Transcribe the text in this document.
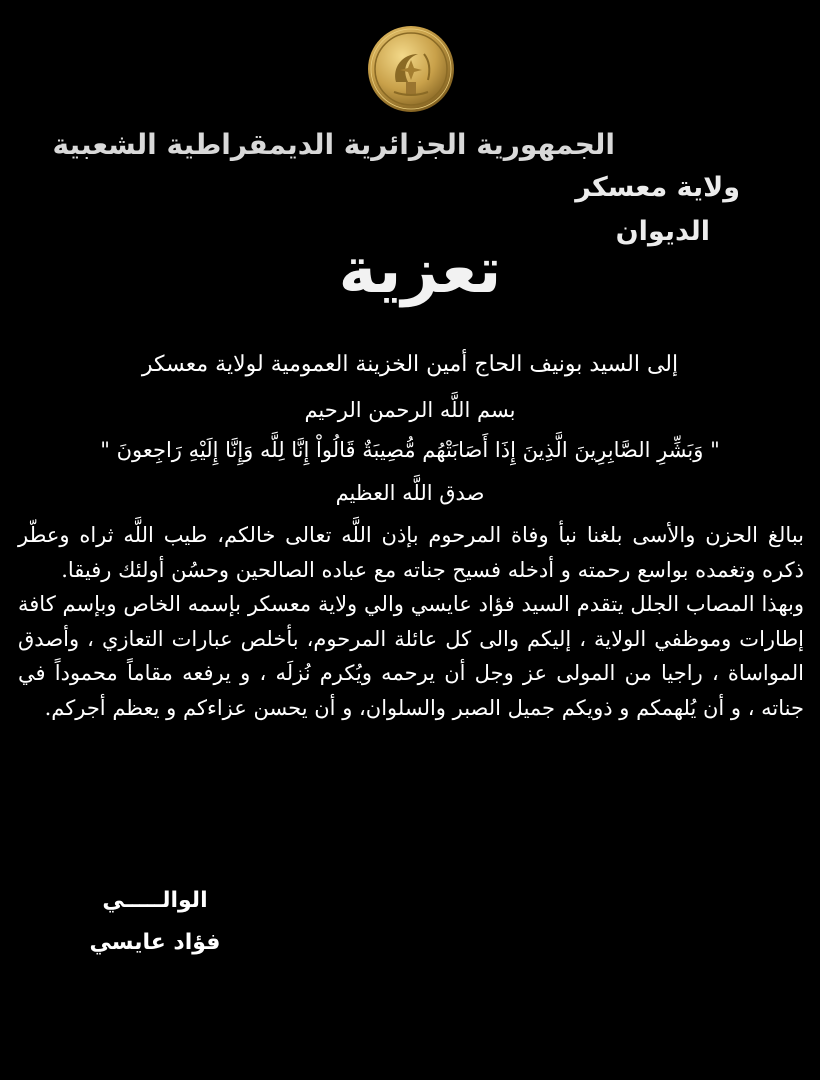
الجمهورية الجزائرية الديمقراطية الشعبية
ولاية معسكر
الديوان
تعزية
إلى السيد بونيف الحاج أمين الخزينة العمومية لولاية معسكر
بسم اللَّه الرحمن الرحيم
" وَبَشِّرِ الصَّابِرِينَ الَّذِينَ إِذَا أَصَابَتْهُم مُّصِيبَةٌ قَالُواْ إِنَّا لِلَّه وَإِنَّا إِلَيْهِ رَاجِعونَ "
صدق اللَّه العظيم

ببالغ الحزن والأسى بلغنا نبأ وفاة المرحوم بإذن اللَّه تعالى خالكم، طيب اللَّه ثراه وعطّر ذكره وتغمده بواسع رحمته و أدخله فسيح جناته مع عباده الصالحين وحسُن أولئك رفيقا.

وبهذا المصاب الجلل يتقدم السيد فؤاد عايسي والي ولاية معسكر بإسمه الخاص وبإسم كافة إطارات وموظفي الولاية ، إليكم والى كل عائلة المرحوم، بأخلص عبارات التعازي ، وأصدق المواساة ، راجيا من المولى عز وجل أن يرحمه ويُكرم نُزلَه ، و يرفعه مقاماً محموداً في جناته ، و أن يُلهمكم و ذويكم جميل الصبر والسلوان، و أن يحسن عزاءكم و يعظم أجركم.

الوالـــــي
فؤاد عايسي
